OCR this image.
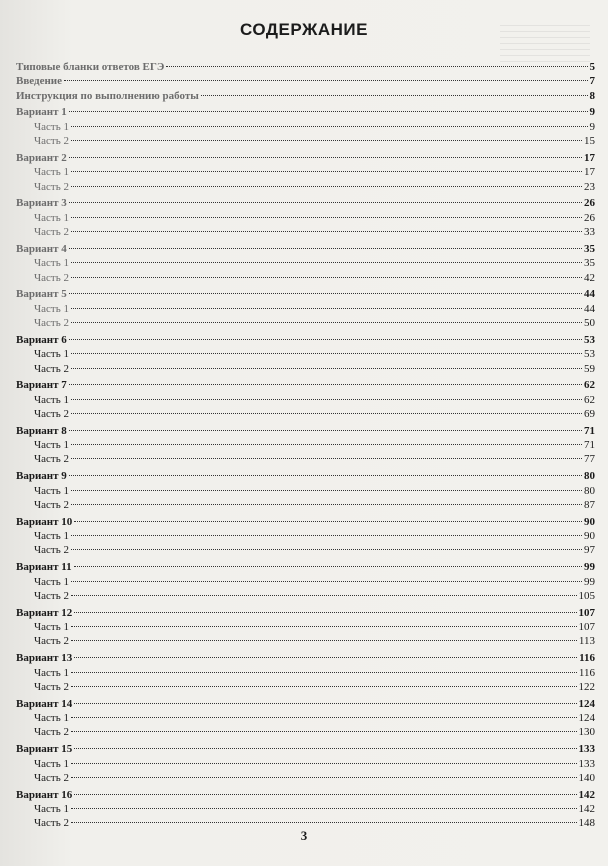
СОДЕРЖАНИЕ
Типовые бланки ответов ЕГЭ	5
Введение	7
Инструкция по выполнению работы	8
Вариант 1	9
Часть 1	9
Часть 2	15
Вариант 2	17
Часть 1	17
Часть 2	23
Вариант 3	26
Часть 1	26
Часть 2	33
Вариант 4	35
Часть 1	35
Часть 2	42
Вариант 5	44
Часть 1	44
Часть 2	50
Вариант 6	53
Часть 1	53
Часть 2	59
Вариант 7	62
Часть 1	62
Часть 2	69
Вариант 8	71
Часть 1	71
Часть 2	77
Вариант 9	80
Часть 1	80
Часть 2	87
Вариант 10	90
Часть 1	90
Часть 2	97
Вариант 11	99
Часть 1	99
Часть 2	105
Вариант 12	107
Часть 1	107
Часть 2	113
Вариант 13	116
Часть 1	116
Часть 2	122
Вариант 14	124
Часть 1	124
Часть 2	130
Вариант 15	133
Часть 1	133
Часть 2	140
Вариант 16	142
Часть 1	142
Часть 2	148
3
